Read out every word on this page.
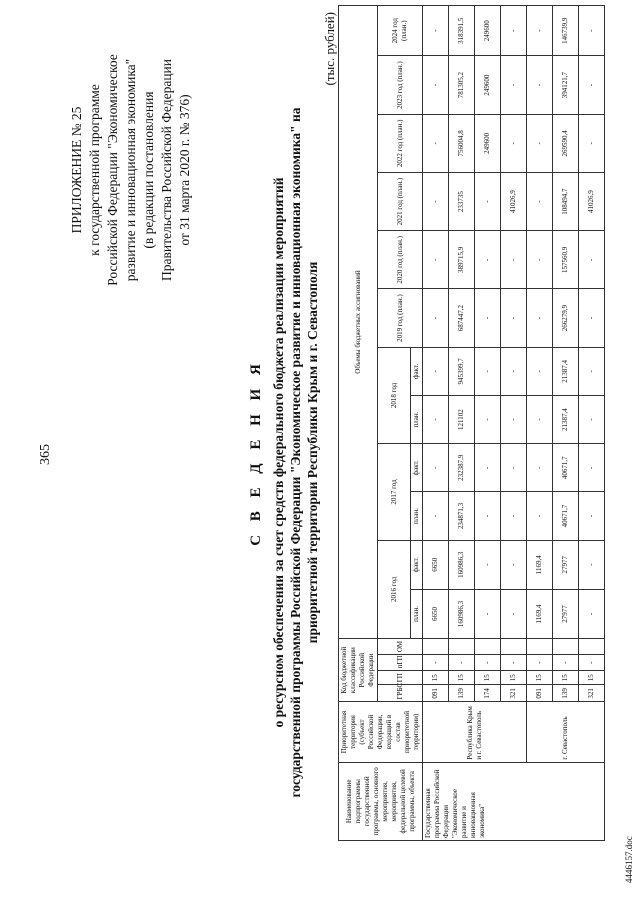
365
ПРИЛОЖЕНИЕ № 25 к государственной программе Российской Федерации "Экономическое развитие и инновационная экономика" (в редакции постановления Правительства Российской Федерации от 31 марта 2020 г. № 376)
С В Е Д Е Н И Я о ресурсном обеспечении за счет средств федерального бюджета реализации мероприятий государственной программы Российской Федерации "Экономическое развитие и инновационная экономика" на приоритетной территории Республики Крым и г. Севастополя
(тыс. рублей)
Наименование подпрограммы государственной программы, основного мероприятия, мероприятия, федеральной целевой программы, объекта	Приоритетная территория (субъект Российской Федерации, входящий в состав приоритетной территории)	Код бюджетной классификации Российской Федерации				Объемы бюджетных ассигнований											
		ГРБС	ГП	пГП	ОМ	2016 год		2017 год		2018 год		2019 год (план.)	2020 год (план.)	2021 год (план.)	2022 год (план.)	2023 год (план.)	2024 год (план.)
						план.	факт.	план.	факт.	план.	факт.						
Государственная программа Российской Федерации "Экономическое развитие и инновационная экономика"	Республика Крым и г. Севастополь	091	15	-		6650	6650	-	-	-	-	-	-	-	-	-	-
		139	15	-		160986,3	160986,3	234871,3	232387,9	121102	945399,7	687447,2	389715,9	233735	756004,8	781305,2	318391,5
		174	15	-		-	-	-	-	-	-	-	-	-	249600	249600	249600
		321	15	-		-	-	-	-	-	-	-	-	41026,9	-	-	-
	г. Севастополь	091	15	-		1169,4	1169,4	-	-	-	-	-	-	-	-	-	-
		139	15	-		27977	27977	40671,7	40671,7	21387,4	21387,4	266279,9	157560,9	108494,7	269590,4	394121,7	146739,9
		321	15	-		-	-	-	-	-	-	-	-	41026,9	-	-	-
4446157.doc
